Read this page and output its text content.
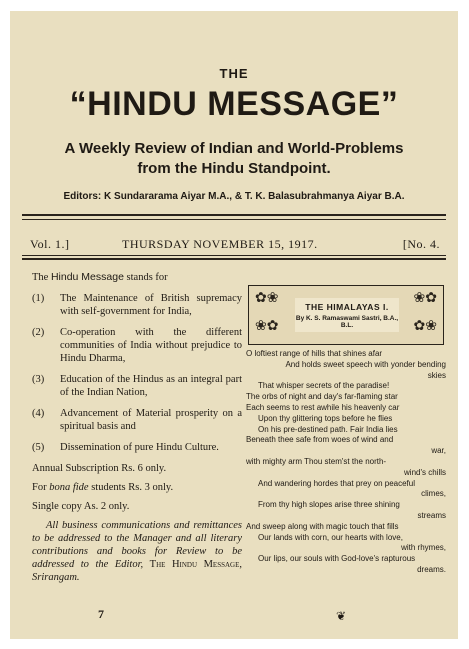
THE
“HINDU MESSAGE”
A Weekly Review of Indian and World-Problems
from the Hindu Standpoint.
Editors: K Sundararama Aiyar M.A., & T. K. Balasubrahmanya Aiyar B.A.
Vol. 1.]	THURSDAY NOVEMBER 15, 1917.	[No. 4.

The Hindu Message stands for

(1) The Maintenance of British supremacy with self-government for India,
(2) Co-operation with the different communities of India without prejudice to Hindu Dharma,
(3) Education of the Hindus as an integral part of the Indian Nation,
(4) Advancement of Material prosperity on a spiritual basis and
(5) Dissemination of pure Hindu Culture.

Annual Subscription Rs. 6 only.

For bona fide students Rs. 3 only.

Single copy As. 2 only.

All business communications and remittances to be addressed to the Manager and all literary contributions and books for Review to be addressed to the Editor, The Hindu Message, Srirangam.

7
✿❀
❀✿
❀✿
✿❀
THE HIMALAYAS I.
By K. S. Ramaswami Sastri, B.A., B.L.
O loftiest range of hills that shines afar
And holds sweet speech with yonder bending
skies
That whisper secrets of the paradise!
The orbs of night and day's far-flaming star
Each seems to rest awhile his heavenly car
Upon thy glittering tops before he flies
On his pre-destined path. Fair India lies
Beneath thee safe from woes of wind and
war,
with mighty arm Thou stem'st the north-
wind's chills
And wandering hordes that prey on peaceful
climes,
From thy high slopes arise three shining
streams
And sweep along with magic touch that fills
Our lands with corn, our hearts with love,
with rhymes,
Our lips, our souls with God-love's rapturous
dreams.
❦
